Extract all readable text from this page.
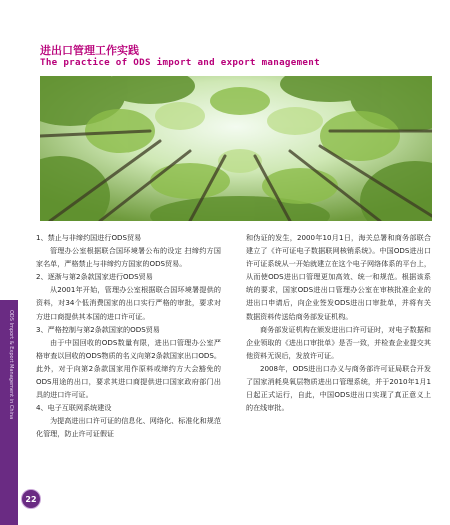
进出口管理工作实践
The practice of ODS import and export management

1、禁止与非缔约国进行ODS贸易

管理办公室根据联合国环境署公布的设定 扫缔约方国家名单，严格禁止与非缔约方国家的ODS贸易。

2、逐渐与第2条款国家进行ODS贸易

从2001年开始，管理办公室根据联合国环境署提供的资料，对34个低消费国家的出口实行严格的审批，要求对方进口商提供其本国的进口许可证。

3、严格控制与第2条款国家的ODS贸易

由于中国回收的ODS数量有限，进出口管理办公室严格审查以回收的ODS物质的名义向第2条款国家出口ODS。此外，对于向第2条款国家用作原料或缔约方大会豁免的ODS用途的出口，要求其进口商提供进口国家政府部门出具的进口许可证。

4、电子互联网系统建设

为提高进出口许可证的信息化、网络化、标准化和规范化管理，防止许可证假证

和伪证的发生，2000年10月1日，海关总署和商务部联合建立了《许可证电子数据联网核销系统》。中国ODS进出口许可证系统从一开始就建立在这个电子网络体系的平台上，从而使ODS进出口管理更加高效、统一和规范。根据该系统的要求，国家ODS进出口管理办公室在审核批准企业的进出口申请后，向企业签发ODS进出口审批单，并将有关数据资料传送给商务部发证机构。

商务部发证机构在颁发进出口许可证时，对电子数据和企业领取的《进出口审批单》是否一致，并检查企业提交其他资料无误后，发放许可证。

2008年，ODS进出口办义与商务部许可证局联合开发了国家消耗臭氧层物质进出口管理系统，并于2010年1月1日起正式运行，自此，中国ODS进出口实现了真正意义上的在线审批。

ODS Import & Export Management in China
22
